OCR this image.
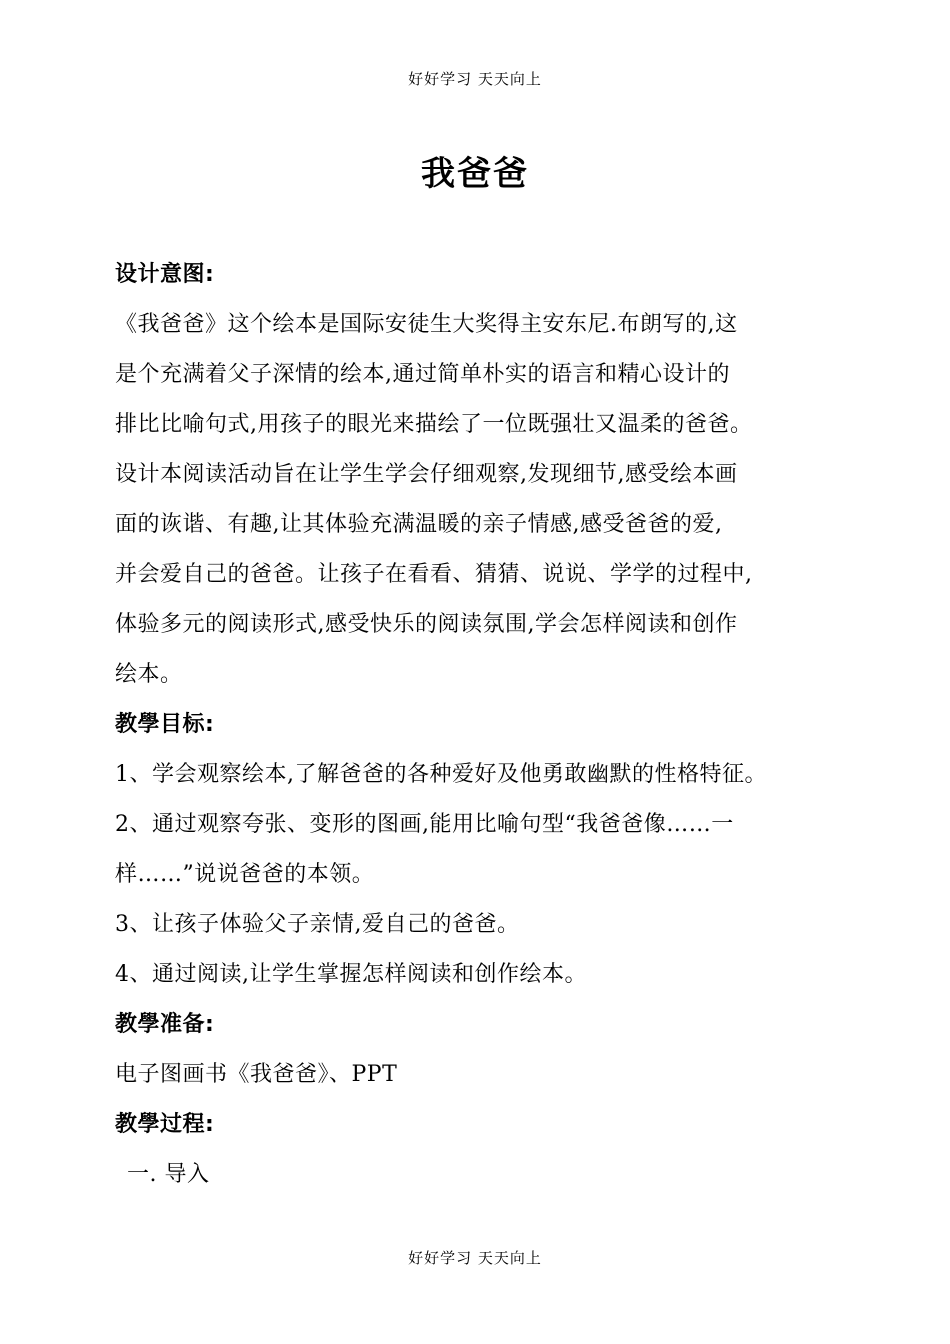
好好学习 天天向上
我爸爸
设计意图:
《我爸爸》这个绘本是国际安徒生大奖得主安东尼.布朗写的,这
是个充满着父子深情的绘本,通过简单朴实的语言和精心设计的
排比比喻句式,用孩子的眼光来描绘了一位既强壮又温柔的爸爸。
设计本阅读活动旨在让学生学会仔细观察,发现细节,感受绘本画
面的诙谐、有趣,让其体验充满温暖的亲子情感,感受爸爸的爱,
并会爱自己的爸爸。让孩子在看看、猜猜、说说、学学的过程中,
体验多元的阅读形式,感受快乐的阅读氛围,学会怎样阅读和创作
绘本。
教學目标:
1、学会观察绘本,了解爸爸的各种爱好及他勇敢幽默的性格特征。
2、通过观察夸张、变形的图画,能用比喻句型“我爸爸像……一
样……”说说爸爸的本领。
3、让孩子体验父子亲情,爱自己的爸爸。
4、通过阅读,让学生掌握怎样阅读和创作绘本。
教學准备:
电子图画书《我爸爸》、PPT
教學过程:
一. 导入
好好学习 天天向上
